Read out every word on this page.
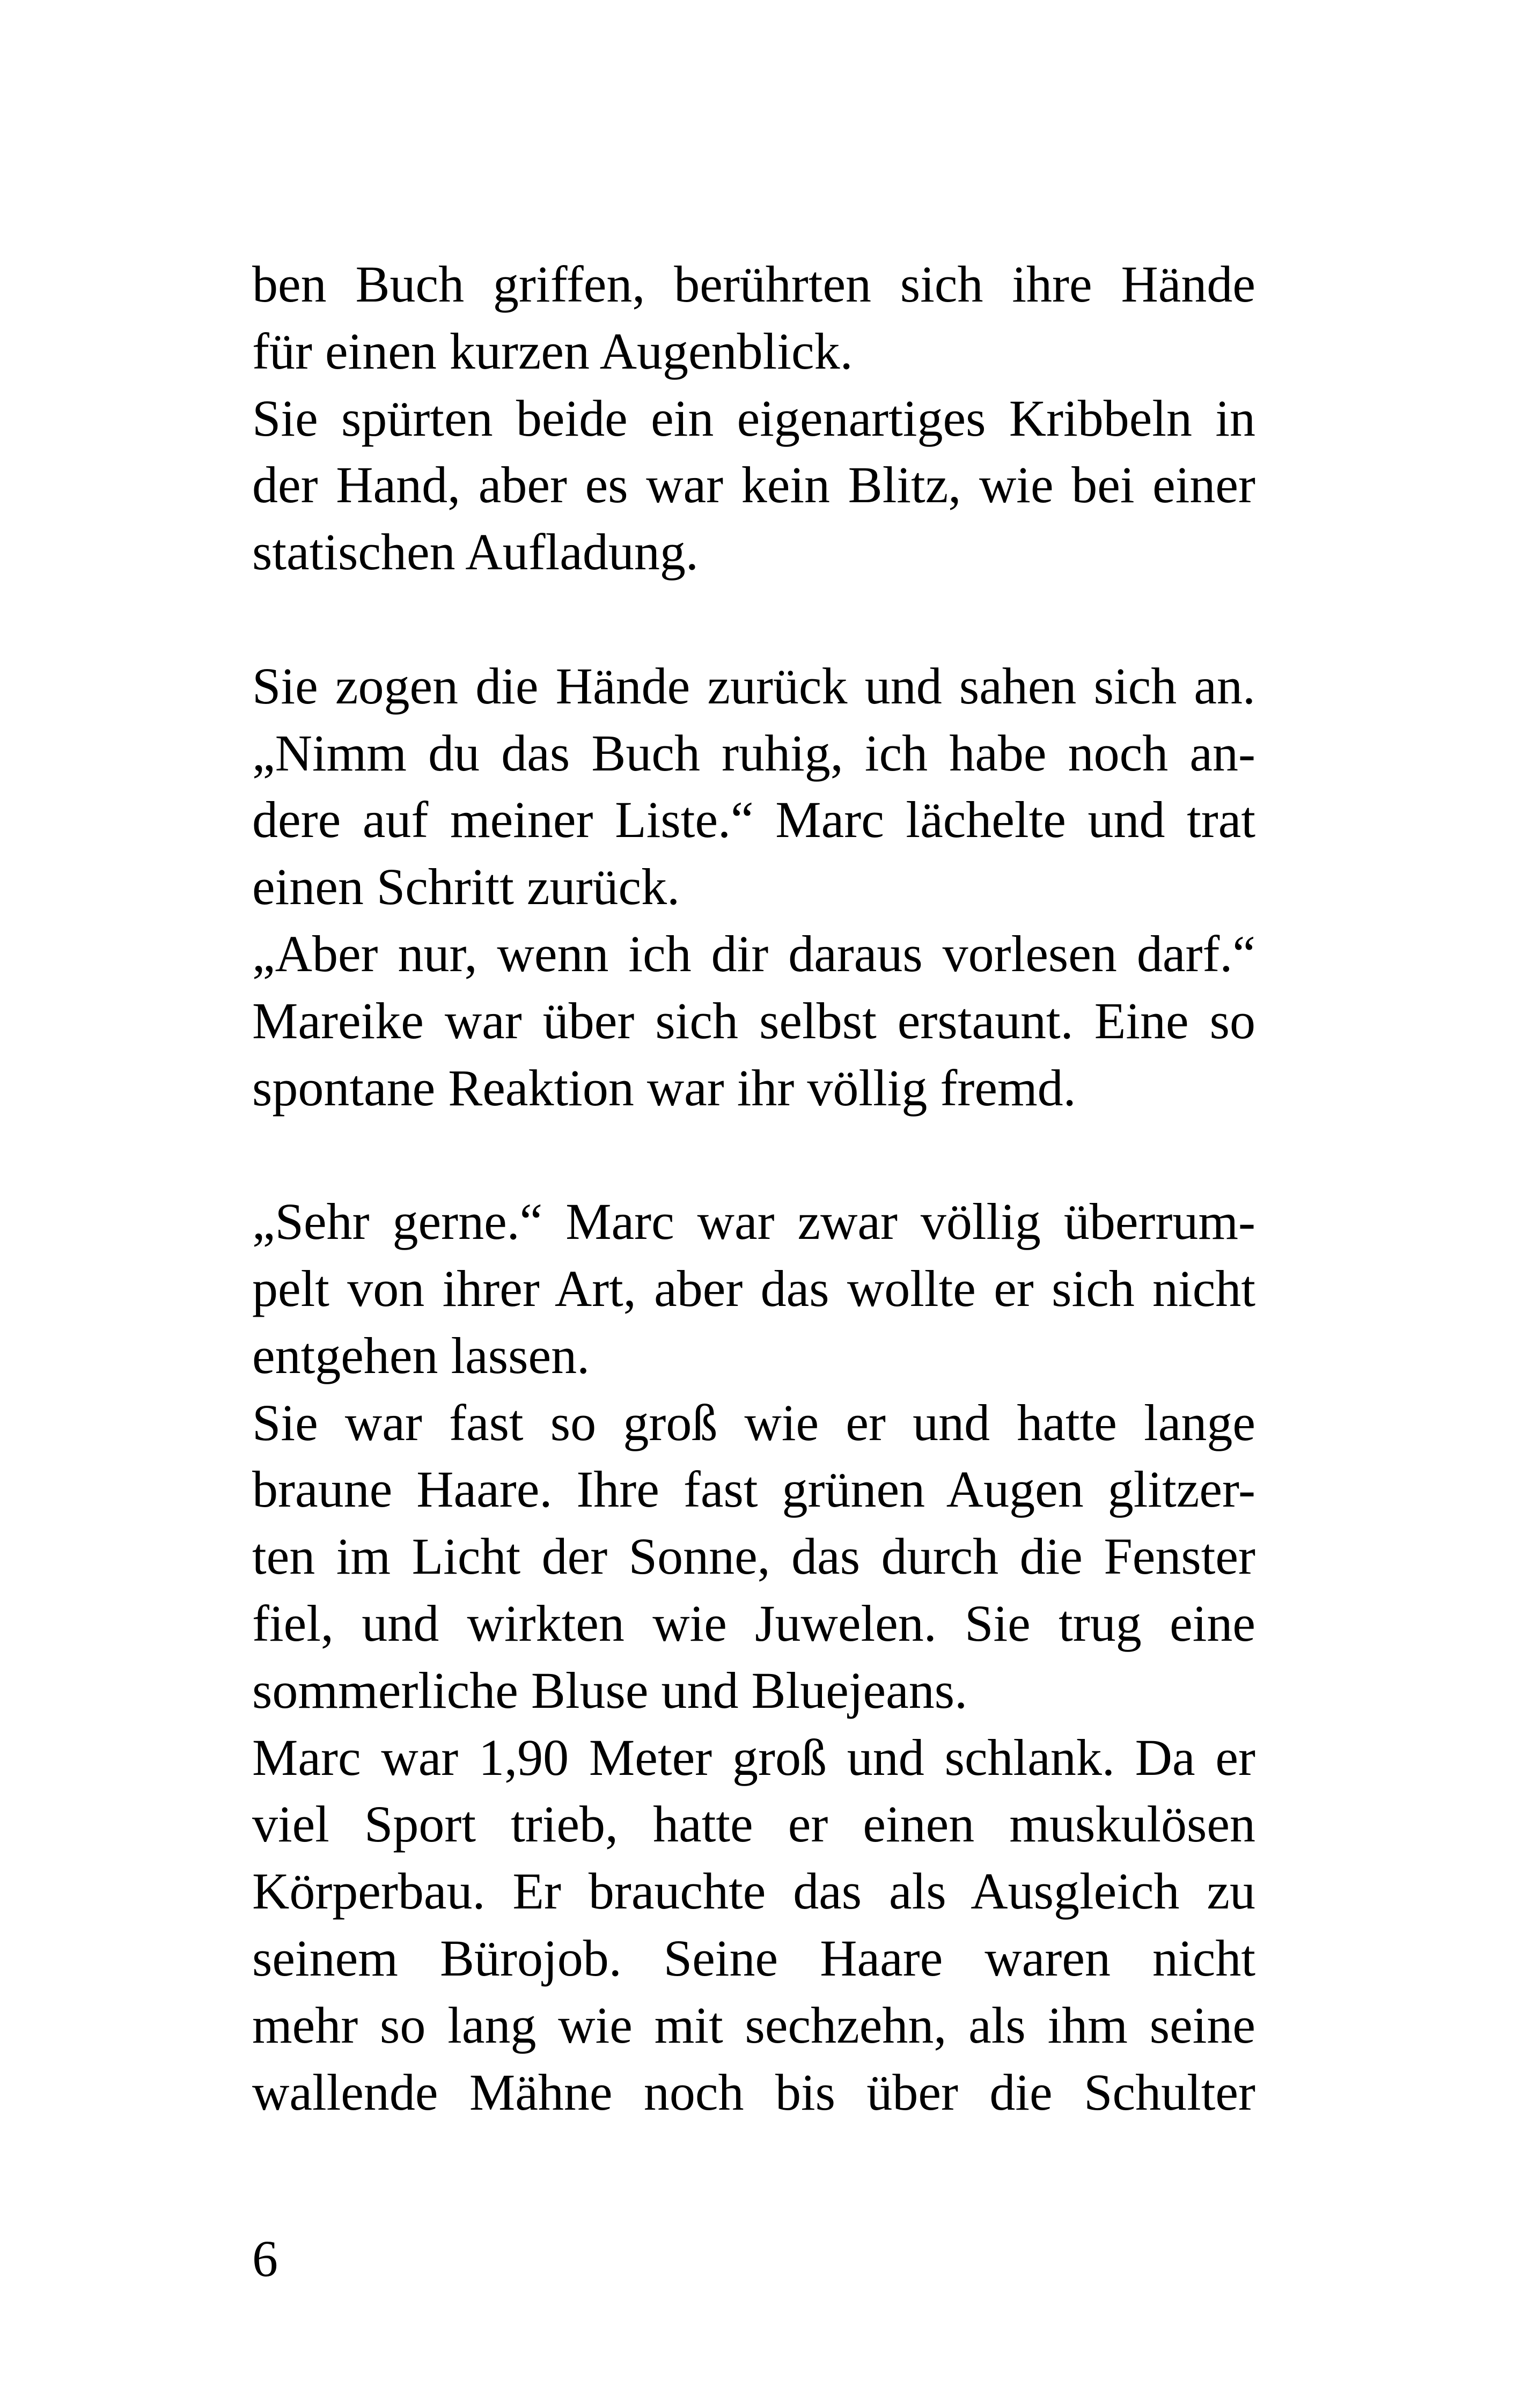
ben Buch griffen, berührten sich ihre Hände
für einen kurzen Augenblick.
Sie spürten beide ein eigenartiges Kribbeln in
der Hand, aber es war kein Blitz, wie bei einer
statischen Aufladung.
Sie zogen die Hände zurück und sahen sich an.
„Nimm du das Buch ruhig, ich habe noch an-
dere auf meiner Liste.“ Marc lächelte und trat
einen Schritt zurück.
„Aber nur, wenn ich dir daraus vorlesen darf.“
Mareike war über sich selbst erstaunt. Eine so
spontane Reaktion war ihr völlig fremd.
„Sehr gerne.“ Marc war zwar völlig überrum-
pelt von ihrer Art, aber das wollte er sich nicht
entgehen lassen.
Sie war fast so groß wie er und hatte lange
braune Haare. Ihre fast grünen Augen glitzer-
ten im Licht der Sonne, das durch die Fenster
fiel, und wirkten wie Juwelen. Sie trug eine
sommerliche Bluse und Bluejeans.
Marc war 1,90 Meter groß und schlank. Da er
viel Sport trieb, hatte er einen muskulösen
Körperbau. Er brauchte das als Ausgleich zu
seinem Bürojob. Seine Haare waren nicht
mehr so lang wie mit sechzehn, als ihm seine
wallende Mähne noch bis über die Schulter
6
